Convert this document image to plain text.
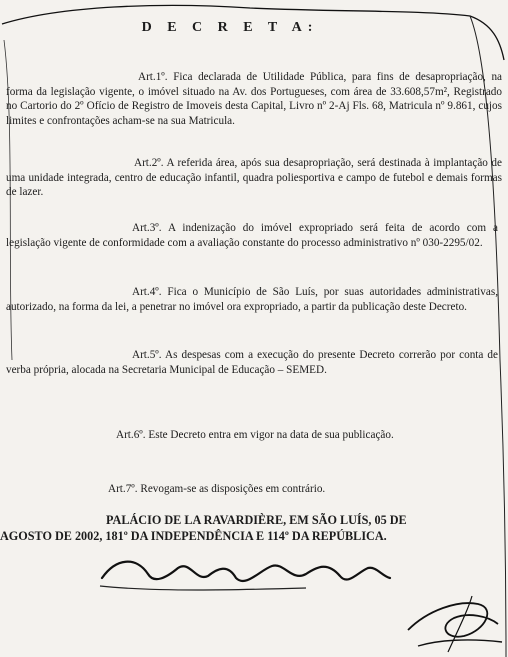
D E C R E T A:

Art.1º. Fica declarada de Utilidade Pública, para fins de desapropriação, na forma da legislação vigente, o imóvel situado na Av. dos Portugueses, com área de 33.608,57m², Registrado no Cartorio do 2º Ofício de Registro de Imoveis desta Capital, Livro nº 2-Aj Fls. 68, Matricula nº 9.861, cujos limites e confrontações acham-se na sua Matricula.

Art.2º. A referida área, após sua desapropriação, será destinada à implantação de uma unidade integrada, centro de educação infantil, quadra poliesportiva e campo de futebol e demais formas de lazer.

Art.3º. A indenização do imóvel expropriado será feita de acordo com a legislação vigente de conformidade com a avaliação constante do processo administrativo nº 030-2295/02.

Art.4º. Fica o Município de São Luís, por suas autoridades administrativas, autorizado, na forma da lei, a penetrar no imóvel ora expropriado, a partir da publicação deste Decreto.

Art.5º. As despesas com a execução do presente Decreto correrão por conta de verba própria, alocada na Secretaria Municipal de Educação – SEMED.

Art.6º. Este Decreto entra em vigor na data de sua publicação.

Art.7º. Revogam-se as disposições em contrário.

PALÁCIO DE LA RAVARDIÈRE, EM SÃO LUÍS, 05 DE

AGOSTO DE 2002, 181º DA INDEPENDÊNCIA E 114º DA REPÚBLICA.
